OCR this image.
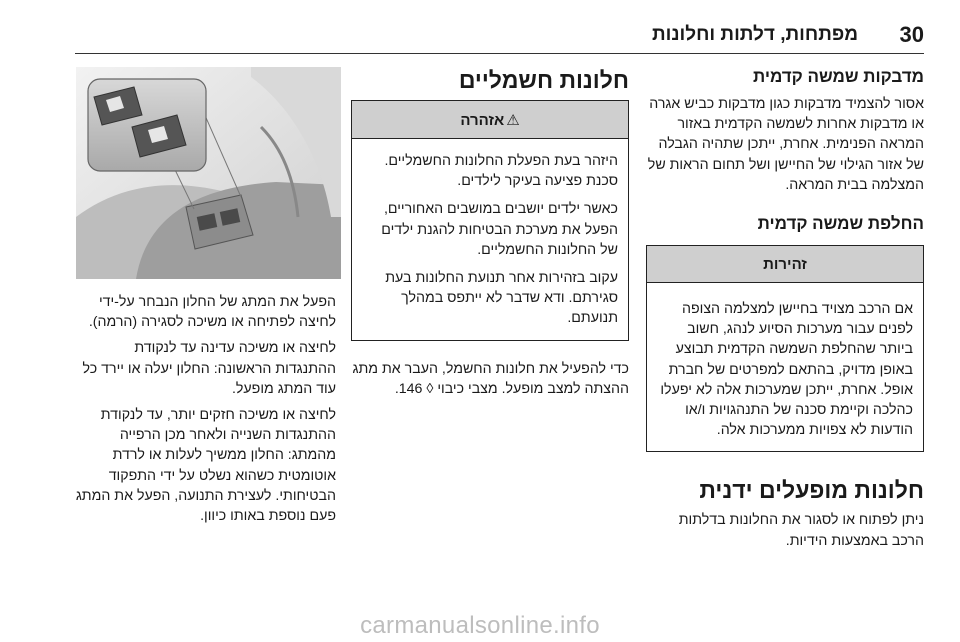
30
מפתחות, דלתות וחלונות
מדבקות שמשה קדמית
אסור להצמיד מדבקות כגון מדבקות כביש אגרה או מדבקות אחרות לשמשה הקדמית באזור המראה הפנימית. אחרת, ייתכן שתהיה הגבלה של אזור הגילוי של החיישן ושל תחום הראות של המצלמה בבית המראה.
החלפת שמשה קדמית
זהירות
אם הרכב מצויד בחיישן למצלמה הצופה לפנים עבור מערכות הסיוע לנהג, חשוב ביותר שהחלפת השמשה הקדמית תבוצע באופן מדויק, בהתאם למפרטים של חברת אופל. אחרת, ייתכן שמערכות אלה לא יפעלו כהלכה וקיימת סכנה של התנהגויות ו/או הודעות לא צפויות ממערכות אלה.
חלונות מופעלים ידנית
ניתן לפתוח או לסגור את החלונות בדלתות הרכב באמצעות הידיות.
חלונות חשמליים
⚠אזהרה
היזהר בעת הפעלת החלונות החשמליים. סכנת פציעה בעיקר לילדים.
כאשר ילדים יושבים במושבים האחוריים, הפעל את מערכת הבטיחות להגנת ילדים של החלונות החשמליים.
עקוב בזהירות אחר תנועת החלונות בעת סגירתם. ודא שדבר לא ייתפס במהלך תנועתם.
כדי להפעיל את חלונות החשמל, העבר את מתג ההצתה למצב מופעל. מצבי כיבוי ◊ 146.
הפעל את המתג של החלון הנבחר על-ידי לחיצה לפתיחה או משיכה לסגירה (הרמה).
לחיצה או משיכה עדינה עד לנקודת ההתנגדות הראשונה: החלון יעלה או יירד כל עוד המתג מופעל.
לחיצה או משיכה חזקים יותר, עד לנקודת ההתנגדות השנייה ולאחר מכן הרפייה מהמתג: החלון ממשיך לעלות או לרדת אוטומטית כשהוא נשלט על ידי התפקוד הבטיחותי. לעצירת התנועה, הפעל את המתג פעם נוספת באותו כיוון.
carmanualsonline.info
